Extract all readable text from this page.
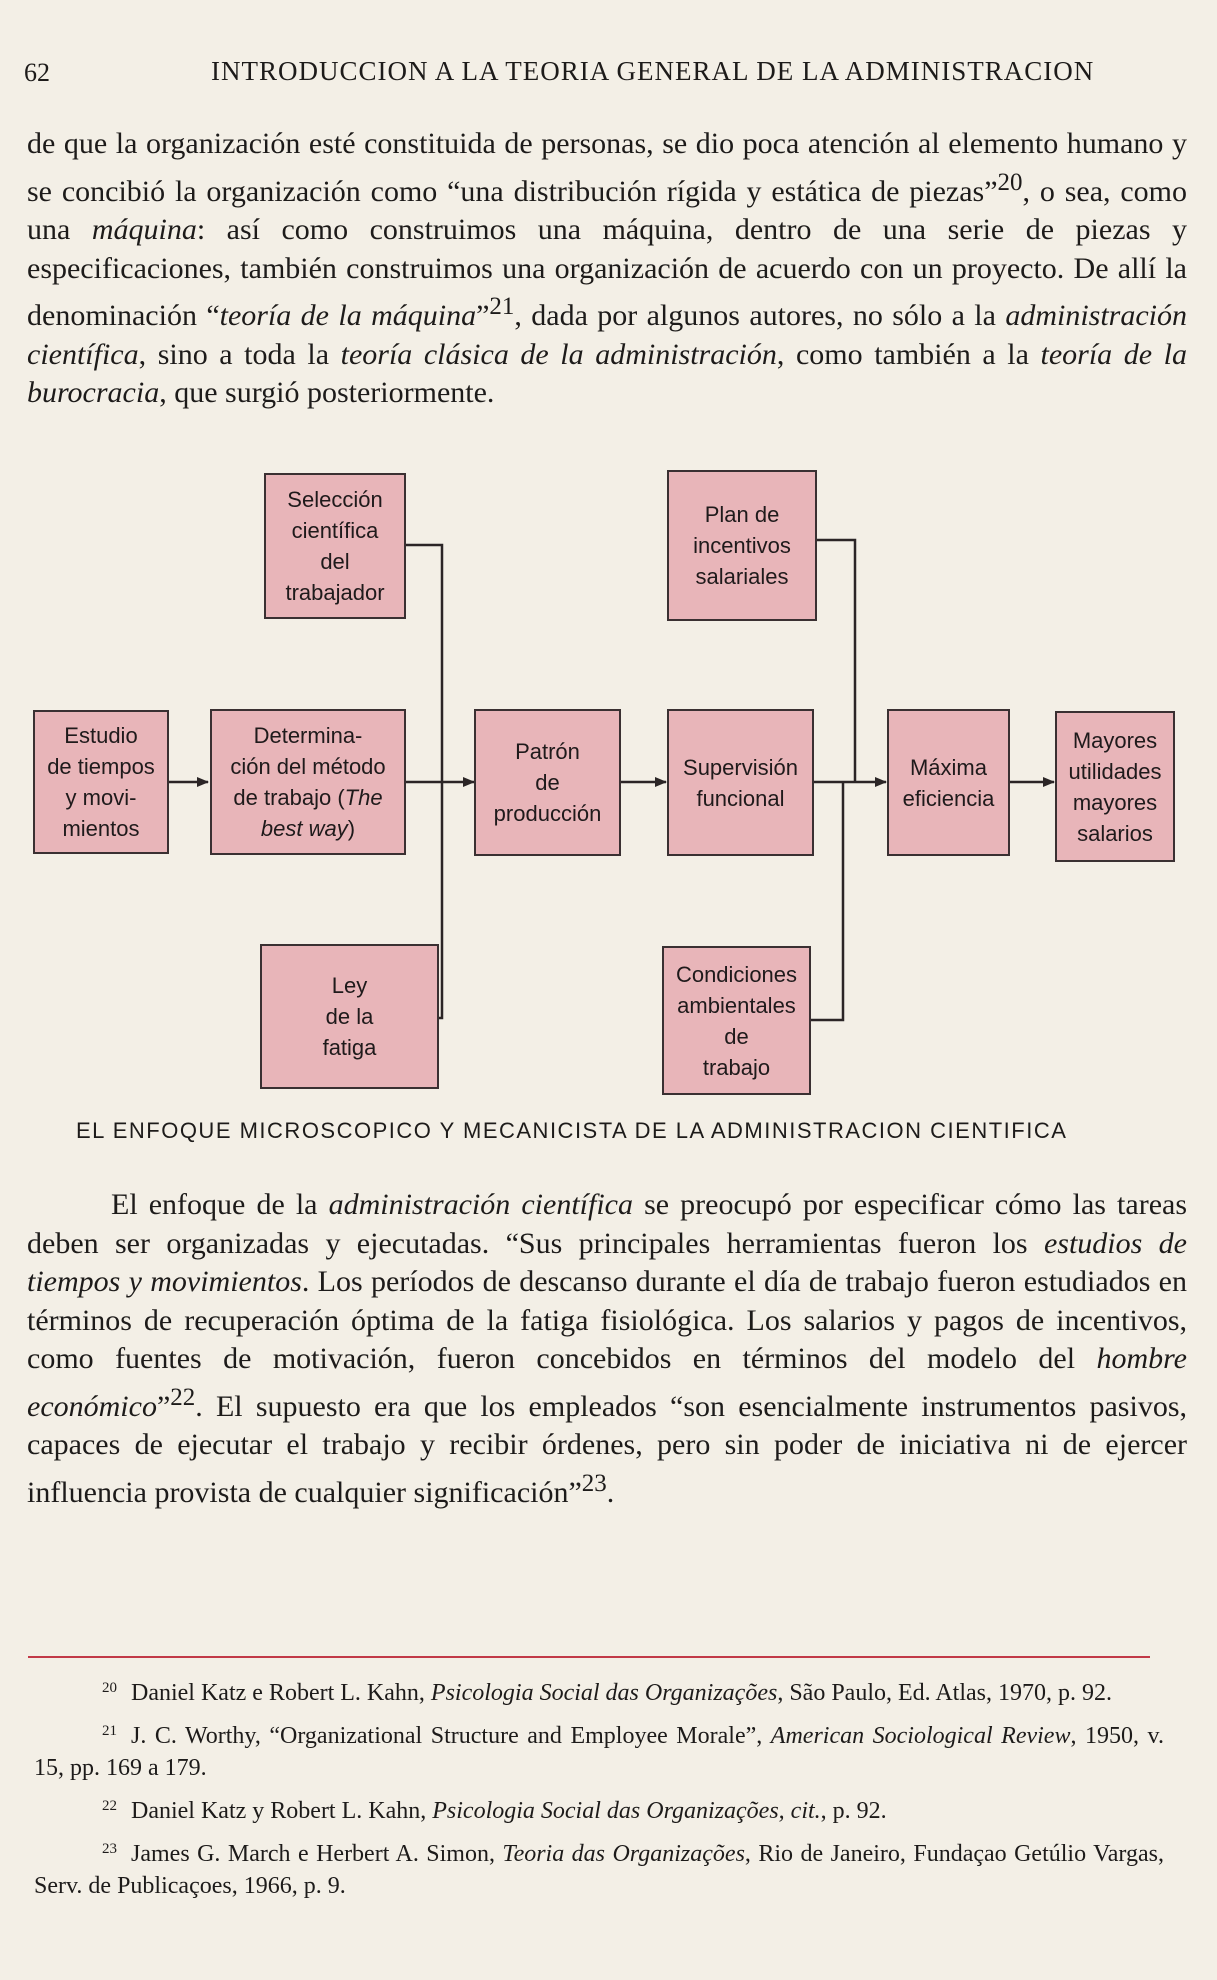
62	INTRODUCCION A LA TEORIA GENERAL DE LA ADMINISTRACION
de que la organización esté constituida de personas, se dio poca atención al elemento humano y se concibió la organización como “una distribución rígida y estática de piezas”$^{20}$, o sea, como una máquina: así como construimos una máquina, dentro de una serie de piezas y especificaciones, también construimos una organización de acuerdo con un proyecto. De allí la denominación “teoría de la máquina”$^{21}$, dada por algunos autores, no sólo a la administración científica, sino a toda la teoría clásica de la administración, como también a la teoría de la burocracia, que surgió posteriormente.
Selección
científica
del
trabajador
Estudio
de tiempos
y movi-
mientos
Determina-
ción del método
de trabajo (The
best way)
Ley
de la
fatiga
Patrón
de
producción
Plan de
incentivos
salariales
Supervisión
funcional
Condiciones
ambientales
de
trabajo
Máxima
eficiencia
Mayores
utilidades
mayores
salarios
EL ENFOQUE MICROSCOPICO Y MECANICISTA DE LA ADMINISTRACION CIENTIFICA
El enfoque de la administración científica se preocupó por especificar cómo las tareas deben ser organizadas y ejecutadas. “Sus principales herramientas fueron los estudios de tiempos y movimientos. Los períodos de descanso durante el día de trabajo fueron estudiados en términos de recuperación óptima de la fatiga fisiológica. Los salarios y pagos de incentivos, como fuentes de motivación, fueron concebidos en términos del modelo del hombre económico”$^{22}$. El supuesto era que los empleados “son esencialmente instrumentos pasivos, capaces de ejecutar el trabajo y recibir órdenes, pero sin poder de iniciativa ni de ejercer influencia provista de cualquier significación”$^{23}$.

$^{20}$ Daniel Katz e Robert L. Kahn, Psicologia Social das Organizações, São Paulo, Ed. Atlas, 1970, p. 92.

$^{21}$ J. C. Worthy, “Organizational Structure and Employee Morale”, American Sociological Review, 1950, v. 15, pp. 169 a 179.

$^{22}$ Daniel Katz y Robert L. Kahn, Psicologia Social das Organizações, cit., p. 92.

$^{23}$ James G. March e Herbert A. Simon, Teoria das Organizações, Rio de Janeiro, Fundaçao Getúlio Vargas, Serv. de Publicaçoes, 1966, p. 9.
